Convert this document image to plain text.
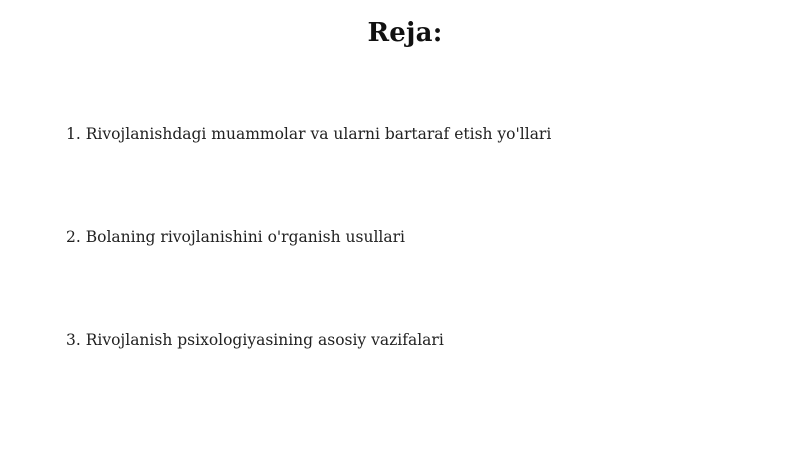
Reja:
1. Rivojlanishdagi muammolar va ularni bartaraf etish yo'llari
2. Bolaning rivojlanishini o'rganish usullari
3. Rivojlanish psixologiyasining asosiy vazifalari
